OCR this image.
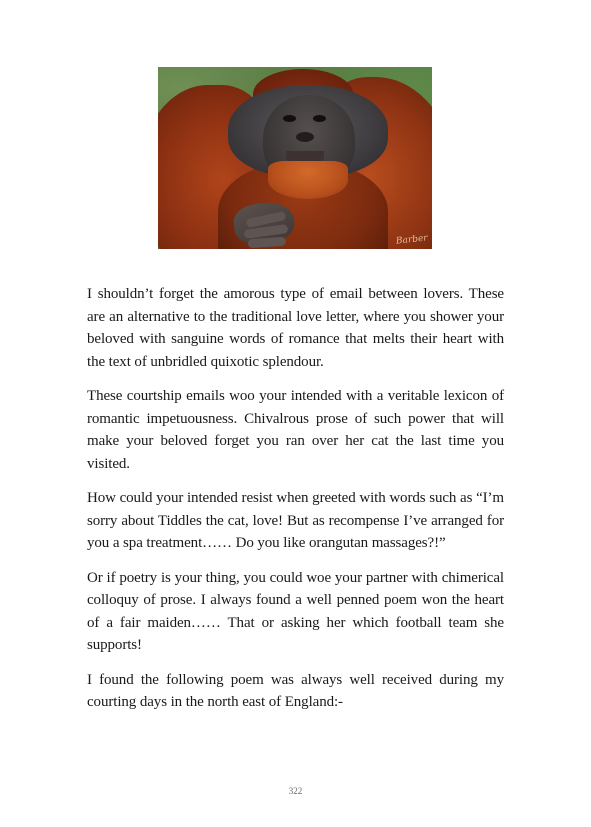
Barber

I shouldn’t forget the amorous type of email between lovers. These are an alternative to the traditional love letter, where you shower your beloved with sanguine words of romance that melts their heart with the text of unbridled quixotic splendour.

These courtship emails woo your intended with a veritable lexicon of romantic impetuousness. Chivalrous prose of such power that will make your beloved forget you ran over her cat the last time you visited.

How could your intended resist when greeted with words such as “I’m sorry about Tiddles the cat, love! But as recompense I’ve arranged for you a spa treatment…… Do you like orangutan massages?!”

Or if poetry is your thing, you could woe your partner with chimerical colloquy of prose. I always found a well penned poem won the heart of a fair maiden…… That or asking her which football team she supports!

I found the following poem was always well received during my courting days in the north east of England:-

322
